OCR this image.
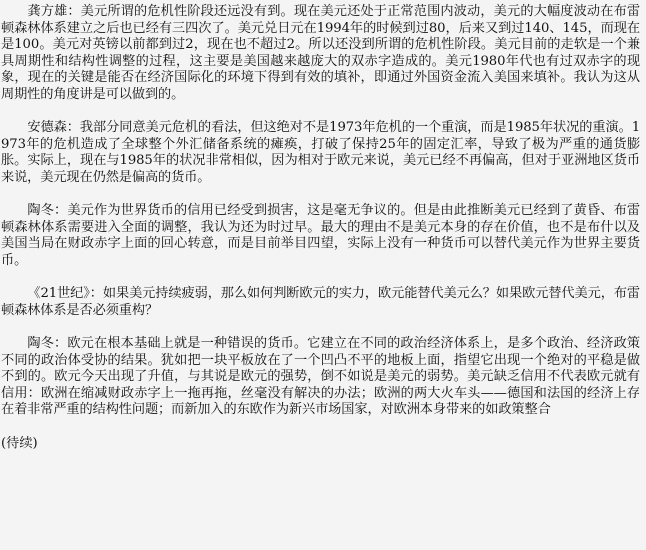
龚方雄：美元所谓的危机性阶段还远没有到。现在美元还处于正常范围内波动，美元的大幅度波动在布雷顿森林体系建立之后也已经有三四次了。美元兑日元在1994年的时候到过80，后来又到过140、145，而现在是100。美元对英镑以前都到过2，现在也不超过2。所以还没到所谓的危机性阶段。美元目前的走软是一个兼具周期性和结构性调整的过程，这主要是美国越来越庞大的双赤字造成的。美元1980年代也有过双赤字的现象，现在的关键是能否在经济国际化的环境下得到有效的填补，即通过外国资金流入美国来填补。我认为这从周期性的角度讲是可以做到的。

安德森：我部分同意美元危机的看法，但这绝对不是1973年危机的一个重演，而是1985年状况的重演。1973年的危机造成了全球整个外汇储备系统的瘫痪，打破了保持25年的固定汇率，导致了极为严重的通货膨胀。实际上，现在与1985年的状况非常相似，因为相对于欧元来说，美元已经不再偏高，但对于亚洲地区货币来说，美元现在仍然是偏高的货币。

陶冬：美元作为世界货币的信用已经受到损害，这是毫无争议的。但是由此推断美元已经到了黄昏、布雷顿森林体系需要进入全面的调整，我认为还为时过早。最大的理由不是美元本身的存在价值，也不是布什以及美国当局在财政赤字上面的回心转意，而是目前举目四望，实际上没有一种货币可以替代美元作为世界主要货币。

《21世纪》：如果美元持续疲弱，那么如何判断欧元的实力，欧元能替代美元么？如果欧元替代美元，布雷顿森林体系是否必须重构？

陶冬：欧元在根本基础上就是一种错误的货币。它建立在不同的政治经济体系上，是多个政治、经济政策不同的政治体受协的结果。犹如把一块平板放在了一个凹凸不平的地板上面，指望它出现一个绝对的平稳是做不到的。欧元今天出现了升值，与其说是欧元的强势，倒不如说是美元的弱势。美元缺乏信用不代表欧元就有信用：欧洲在缩减财政赤字上一拖再拖，丝毫没有解决的办法；欧洲的两大火车头——德国和法国的经济上存在着非常严重的结构性问题；而新加入的东欧作为新兴市场国家，对欧洲本身带来的如政策整合

(待续)
